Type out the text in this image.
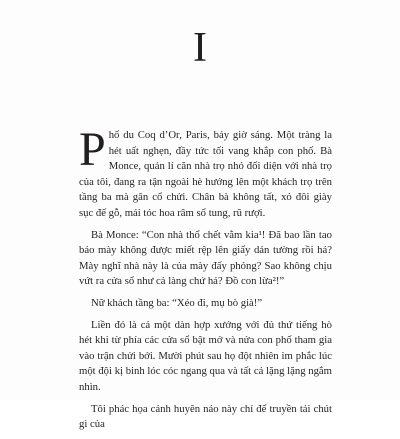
I

Phố du Coq d’Or, Paris, bảy giờ sáng. Một tràng la hét uất nghẹn, đầy tức tối vang khắp con phố. Bà Monce, quản lí căn nhà trọ nhỏ đối diện với nhà trọ của tôi, đang ra tận ngoài hè hướng lên một khách trọ trên tầng ba mà gân cổ chửi. Chân bà không tất, xỏ đôi giày sục đế gỗ, mái tóc hoa râm sổ tung, rũ rượi.

Bà Monce: “Con nhà thổ chết vằm kia¹! Đã bao lần tao bảo mày không được miết rệp lên giấy dán tường rồi hả? Mày nghĩ nhà này là của mày đấy phỏng? Sao không chịu vứt ra cửa sổ như cả làng chứ hả? Đồ con lừa²!”

Nữ khách tầng ba: “Xéo đi, mụ bò già!”

Liền đó là cả một dàn hợp xướng với đủ thứ tiếng hò hét khi từ phía các cửa sổ bật mở và nửa con phố tham gia vào trận chửi bới. Mười phút sau họ đột nhiên im phắc lúc một đội kị binh lóc cóc ngang qua và tất cả lặng lặng ngắm nhìn.

Tôi phác họa cảnh huyên náo này chỉ để truyền tải chút gì của
